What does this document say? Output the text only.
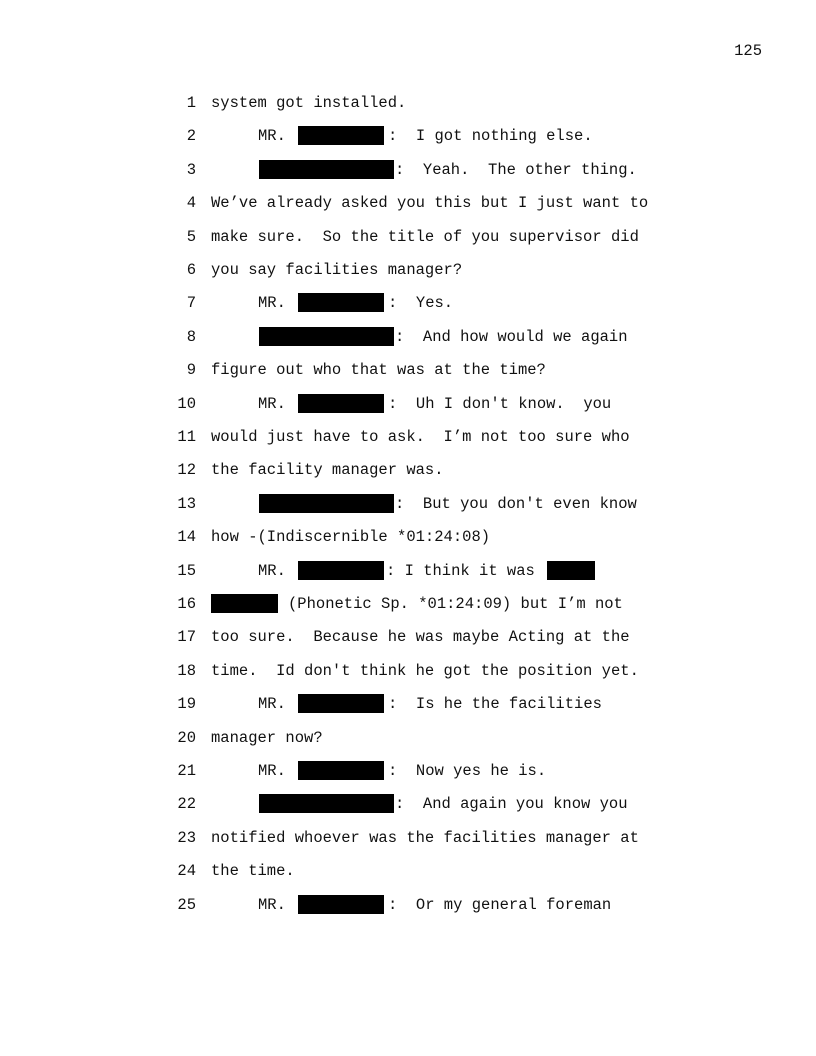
125
1 system got installed.
2	MR.	:  I got nothing else.
3	:  Yeah.  The other thing.
4 We’ve already asked you this but I just want to
5 make sure.  So the title of you supervisor did
6 you say facilities manager?
7	MR.	:  Yes.
8	:  And how would we again
9 figure out who that was at the time?
10	MR.	:  Uh I don't know.  you
11 would just have to ask.  I’m not too sure who
12 the facility manager was.
13	:  But you don't even know
14 how -(Indiscernible *01:24:08)
15	MR.	: I think it was
16	(Phonetic Sp. *01:24:09) but I’m not
17 too sure.  Because he was maybe Acting at the
18 time.  Id don't think he got the position yet.
19	MR.	:  Is he the facilities
20 manager now?
21	MR.	:  Now yes he is.
22	:  And again you know you
23 notified whoever was the facilities manager at
24 the time.
25	MR.	:  Or my general foreman
